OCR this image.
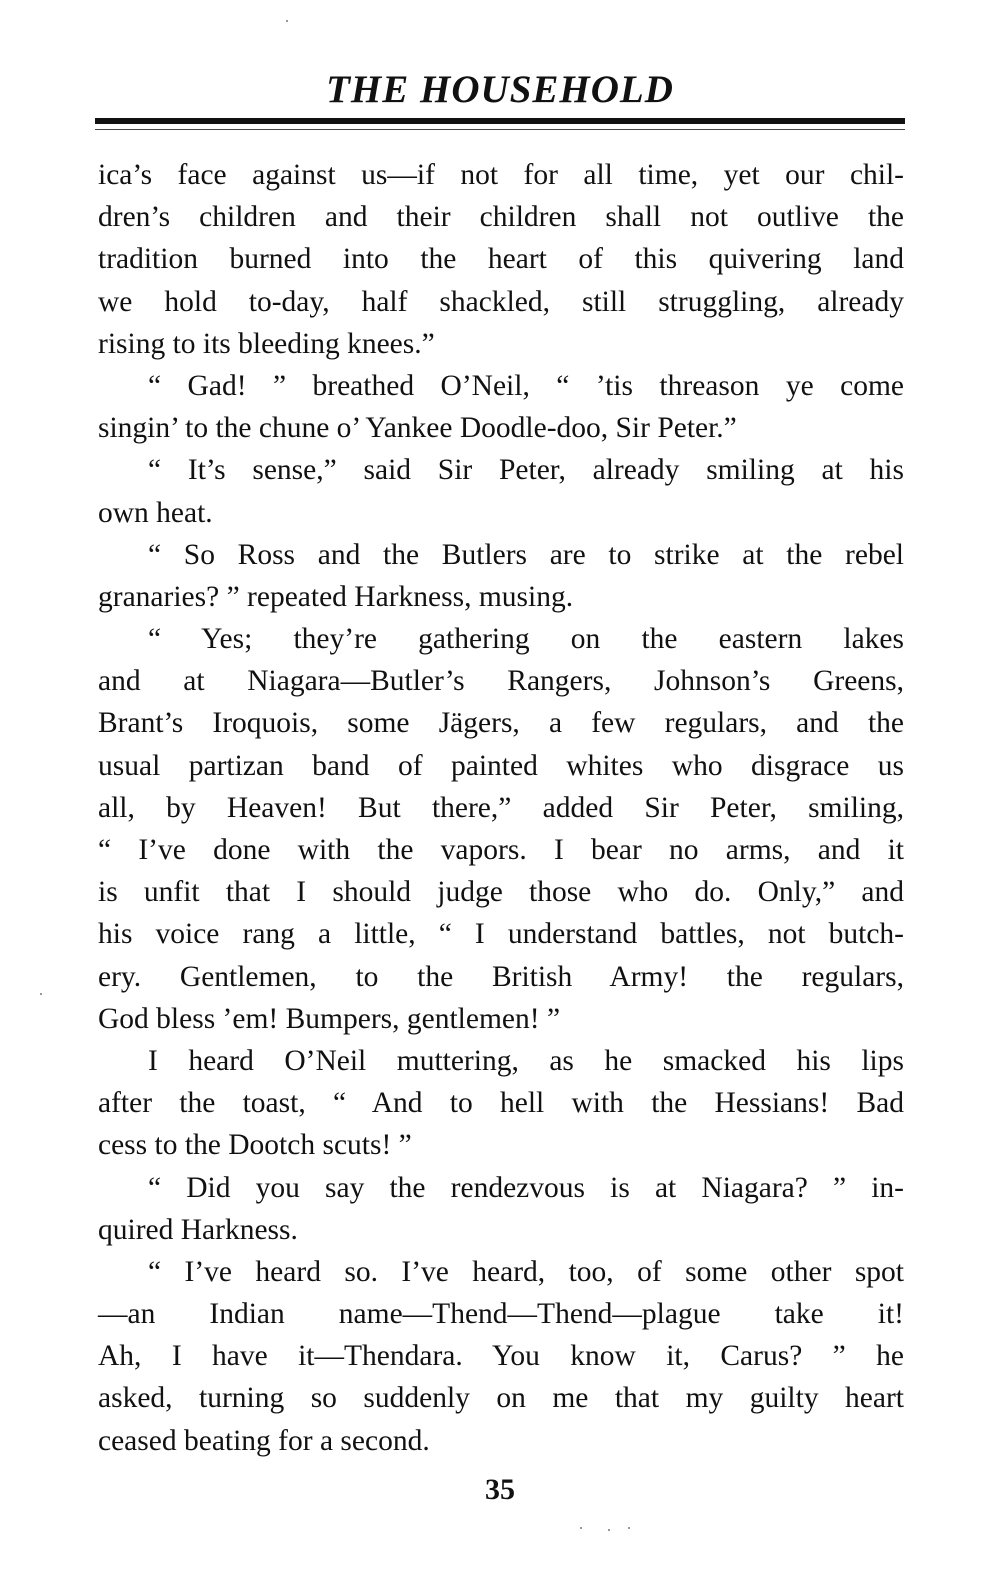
THE HOUSEHOLD
ica’s face against us—if not for all time, yet our chil-
dren’s children and their children shall not outlive the
tradition burned into the heart of this quivering land
we hold to-day, half shackled, still struggling, already
rising to its bleeding knees.”
“ Gad! ” breathed O’Neil, “ ’tis threason ye come
singin’ to the chune o’ Yankee Doodle-doo, Sir Peter.”
“ It’s sense,” said Sir Peter, already smiling at his
own heat.
“ So Ross and the Butlers are to strike at the rebel
granaries? ” repeated Harkness, musing.
“ Yes; they’re gathering on the eastern lakes
and at Niagara—Butler’s Rangers, Johnson’s Greens,
Brant’s Iroquois, some Jägers, a few regulars, and the
usual partizan band of painted whites who disgrace us
all, by Heaven! But there,” added Sir Peter, smiling,
“ I’ve done with the vapors. I bear no arms, and it
is unfit that I should judge those who do. Only,” and
his voice rang a little, “ I understand battles, not butch-
ery. Gentlemen, to the British Army! the regulars,
God bless ’em! Bumpers, gentlemen! ”
I heard O’Neil muttering, as he smacked his lips
after the toast, “ And to hell with the Hessians! Bad
cess to the Dootch scuts! ”
“ Did you say the rendezvous is at Niagara? ” in-
quired Harkness.
“ I’ve heard so. I’ve heard, too, of some other spot
—an Indian name—Thend—Thend—plague take it!
Ah, I have it—Thendara. You know it, Carus? ” he
asked, turning so suddenly on me that my guilty heart
ceased beating for a second.
35
